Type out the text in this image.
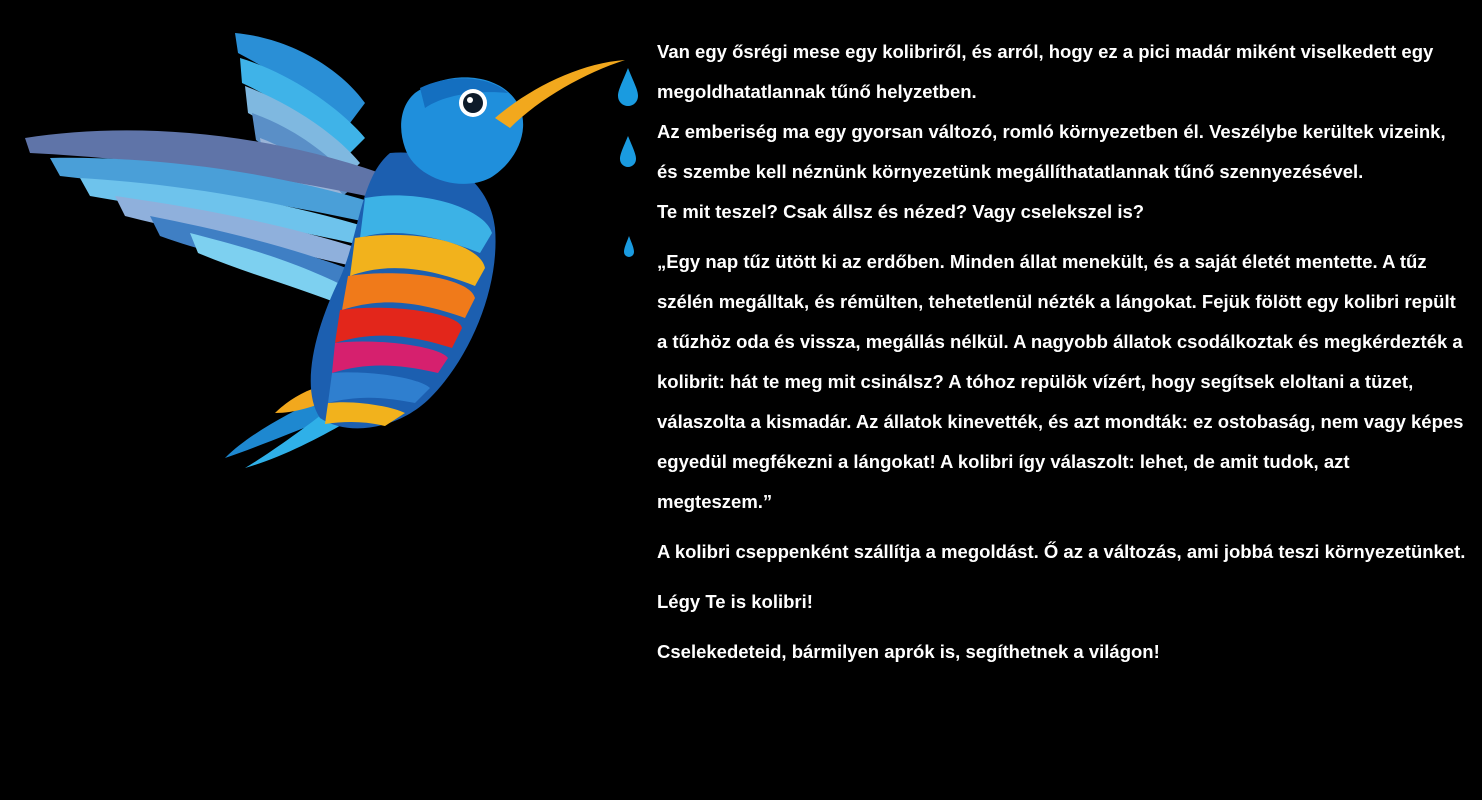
Van egy ősrégi mese egy kolibriről, és arról, hogy ez a pici madár miként viselkedett egy megoldhatatlannak tűnő helyzetben.

Az emberiség ma egy gyorsan változó, romló környezetben él. Veszélybe kerültek vizeink, és szembe kell néznünk környezetünk megállíthatatlannak tűnő szennyezésével.

Te mit teszel? Csak állsz és nézed? Vagy cselekszel is?

„Egy nap tűz ütött ki az erdőben. Minden állat menekült, és a saját életét mentette. A tűz szélén megálltak, és rémülten, tehetetlenül nézték a lángokat. Fejük fölött egy kolibri repült a tűzhöz oda és vissza, megállás nélkül. A nagyobb állatok csodálkoztak és megkérdezték a kolibrit: hát te meg mit csinálsz? A tóhoz repülök vízért, hogy segítsek eloltani a tüzet, válaszolta a kismadár. Az állatok kinevették, és azt mondták: ez ostobaság, nem vagy képes egyedül megfékezni a lángokat! A kolibri így válaszolt: lehet, de amit tudok, azt megteszem.”

A kolibri cseppenként szállítja a megoldást. Ő az a változás, ami jobbá teszi környezetünket.

Légy Te is kolibri!

Cselekedeteid, bármilyen aprók is, segíthetnek a világon!
